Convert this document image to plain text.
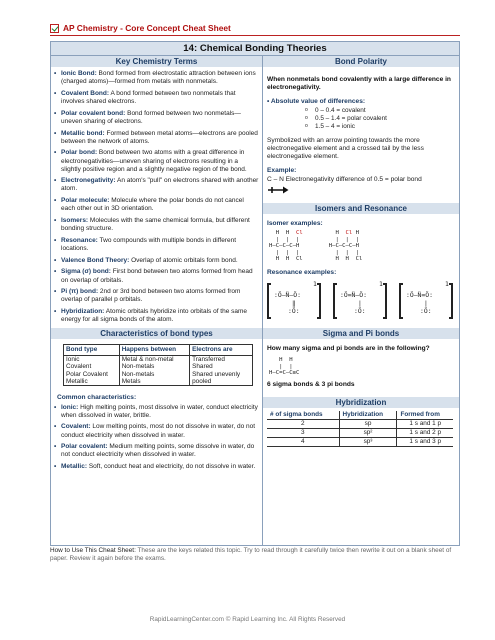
AP Chemistry - Core Concept Cheat Sheet
14: Chemical Bonding Theories
Key Chemistry Terms
• Ionic Bond: Bond formed from electrostatic attraction between ions (charged atoms)—formed from metals with nonmetals.
• Covalent Bond: A bond formed between two nonmetals that involves shared electrons.
• Polar covalent bond: Bond formed between two nonmetals—uneven sharing of electrons.
• Metallic bond: Formed between metal atoms—electrons are pooled between the network of atoms.
• Polar bond: Bond between two atoms with a great difference in electronegativities—uneven sharing of electrons resulting in a slightly positive region and a slightly negative region of the bond.
• Electronegativity: An atom's "pull" on electrons shared with another atom.
• Polar molecule: Molecule where the polar bonds do not cancel each other out in 3D orientation.
• Isomers: Molecules with the same chemical formula, but different bonding structure.
• Resonance: Two compounds with multiple bonds in different locations.
• Valence Bond Theory: Overlap of atomic orbitals form bond.
• Sigma (σ) bond: First bond between two atoms formed from head on overlap of orbitals.
• Pi (π) bond: 2nd or 3rd bond between two atoms formed from overlap of parallel p orbitals.
• Hybridization: Atomic orbitals hybridize into orbitals of the same energy for all sigma bonds of the atom.
Characteristics of bond types
Bond type	Happens between	Electrons are
Ionic	Metal & non-metal	Transferred
Covalent	Non-metals	Shared
Polar Covalent	Non-metals	Shared unevenly
Metallic	Metals	pooled
Common characteristics:
• Ionic: High melting points, most dissolve in water, conduct electricity when dissolved in water, brittle.
• Covalent: Low melting points, most do not dissolve in water, do not conduct electricity when dissolved in water.
• Polar covalent: Medium melting points, some dissolve in water, do not conduct electricity when dissolved in water.
• Metallic: Soft, conduct heat and electricity, do not dissolve in water.
Bond Polarity
When nonmetals bond covalently with a large difference in electronegativity.
• Absolute value of differences:
o 0 – 0.4 = covalent
o 0.5 – 1.4 = polar covalent
o 1.5 – 4 = ionic
Symbolized with an arrow pointing towards the more electronegative element and a crossed tail by the less electronegative element.
Example:
C – N Electronegativity difference of 0.5 = polar bond
Isomers and Resonance
Isomer examples:
H  H  Cl
|  |  |
H–C–C–C–H
|  |  |
H  H  Cl
H  Cl H
|  |  |
H–C–C–C–H
|  |  |
H  H  Cl
Resonance examples:
1
:Ö–N̈–Ö:
‖
:Ö:
1
:Ö=N̈–Ö:
|
:Ö:
1
:Ö–N̈=Ö:
|
:Ö:
Sigma and Pi bonds
How many sigma and pi bonds are in the following?
H  H
|  |
H–C=C–C≡C
6 sigma bonds & 3 pi bonds
Hybridization
# of sigma bonds	Hybridization	Formed from
2	sp	1 s and 1 p
3	sp²	1 s and 2 p
4	sp³	1 s and 3 p
How to Use This Cheat Sheet: These are the keys related this topic. Try to read through it carefully twice then rewrite it out on a blank sheet of paper. Review it again before the exams.
RapidLearningCenter.com © Rapid Learning Inc. All Rights Reserved
